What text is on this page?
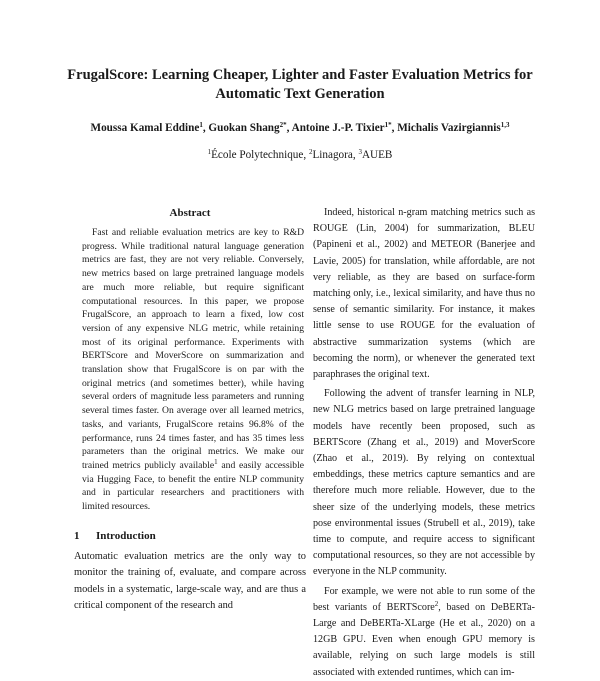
FrugalScore: Learning Cheaper, Lighter and Faster Evaluation Metrics for Automatic Text Generation
Moussa Kamal Eddine$^1$, Guokan Shang$^{2*}$, Antoine J.-P. Tixier$^{1*}$, Michalis Vazirgiannis$^{1,3}$
$^1$École Polytechnique, $^2$Linagora, $^3$AUEB
Abstract

Fast and reliable evaluation metrics are key to R&D progress. While traditional natural language generation metrics are fast, they are not very reliable. Conversely, new metrics based on large pretrained language models are much more reliable, but require significant computational resources. In this paper, we propose FrugalScore, an approach to learn a fixed, low cost version of any expensive NLG metric, while retaining most of its original performance. Experiments with BERTScore and MoverScore on summarization and translation show that FrugalScore is on par with the original metrics (and sometimes better), while having several orders of magnitude less parameters and running several times faster. On average over all learned metrics, tasks, and variants, FrugalScore retains 96.8% of the performance, runs 24 times faster, and has 35 times less parameters than the original metrics. We make our trained metrics publicly available$^1$ and easily accessible via Hugging Face, to benefit the entire NLP community and in particular researchers and practitioners with limited resources.

1 Introduction

Automatic evaluation metrics are the only way to monitor the training of, evaluate, and compare across models in a systematic, large-scale way, and are thus a critical component of the research and

Indeed, historical n-gram matching metrics such as ROUGE (Lin, 2004) for summarization, BLEU (Papineni et al., 2002) and METEOR (Banerjee and Lavie, 2005) for translation, while affordable, are not very reliable, as they are based on surface-form matching only, i.e., lexical similarity, and have thus no sense of semantic similarity. For instance, it makes little sense to use ROUGE for the evaluation of abstractive summarization systems (which are becoming the norm), or whenever the generated text paraphrases the original text.

Following the advent of transfer learning in NLP, new NLG metrics based on large pretrained language models have recently been proposed, such as BERTScore (Zhang et al., 2019) and MoverScore (Zhao et al., 2019). By relying on contextual embeddings, these metrics capture semantics and are therefore much more reliable. However, due to the sheer size of the underlying models, these metrics pose environmental issues (Strubell et al., 2019), take time to compute, and require access to significant computational resources, so they are not accessible by everyone in the NLP community.

For example, we were not able to run some of the best variants of BERTScore$^2$, based on DeBERTa-Large and DeBERTa-XLarge (He et al., 2020) on a 12GB GPU. Even when enough GPU memory is available, relying on such large models is still associated with extended runtimes, which can im-
